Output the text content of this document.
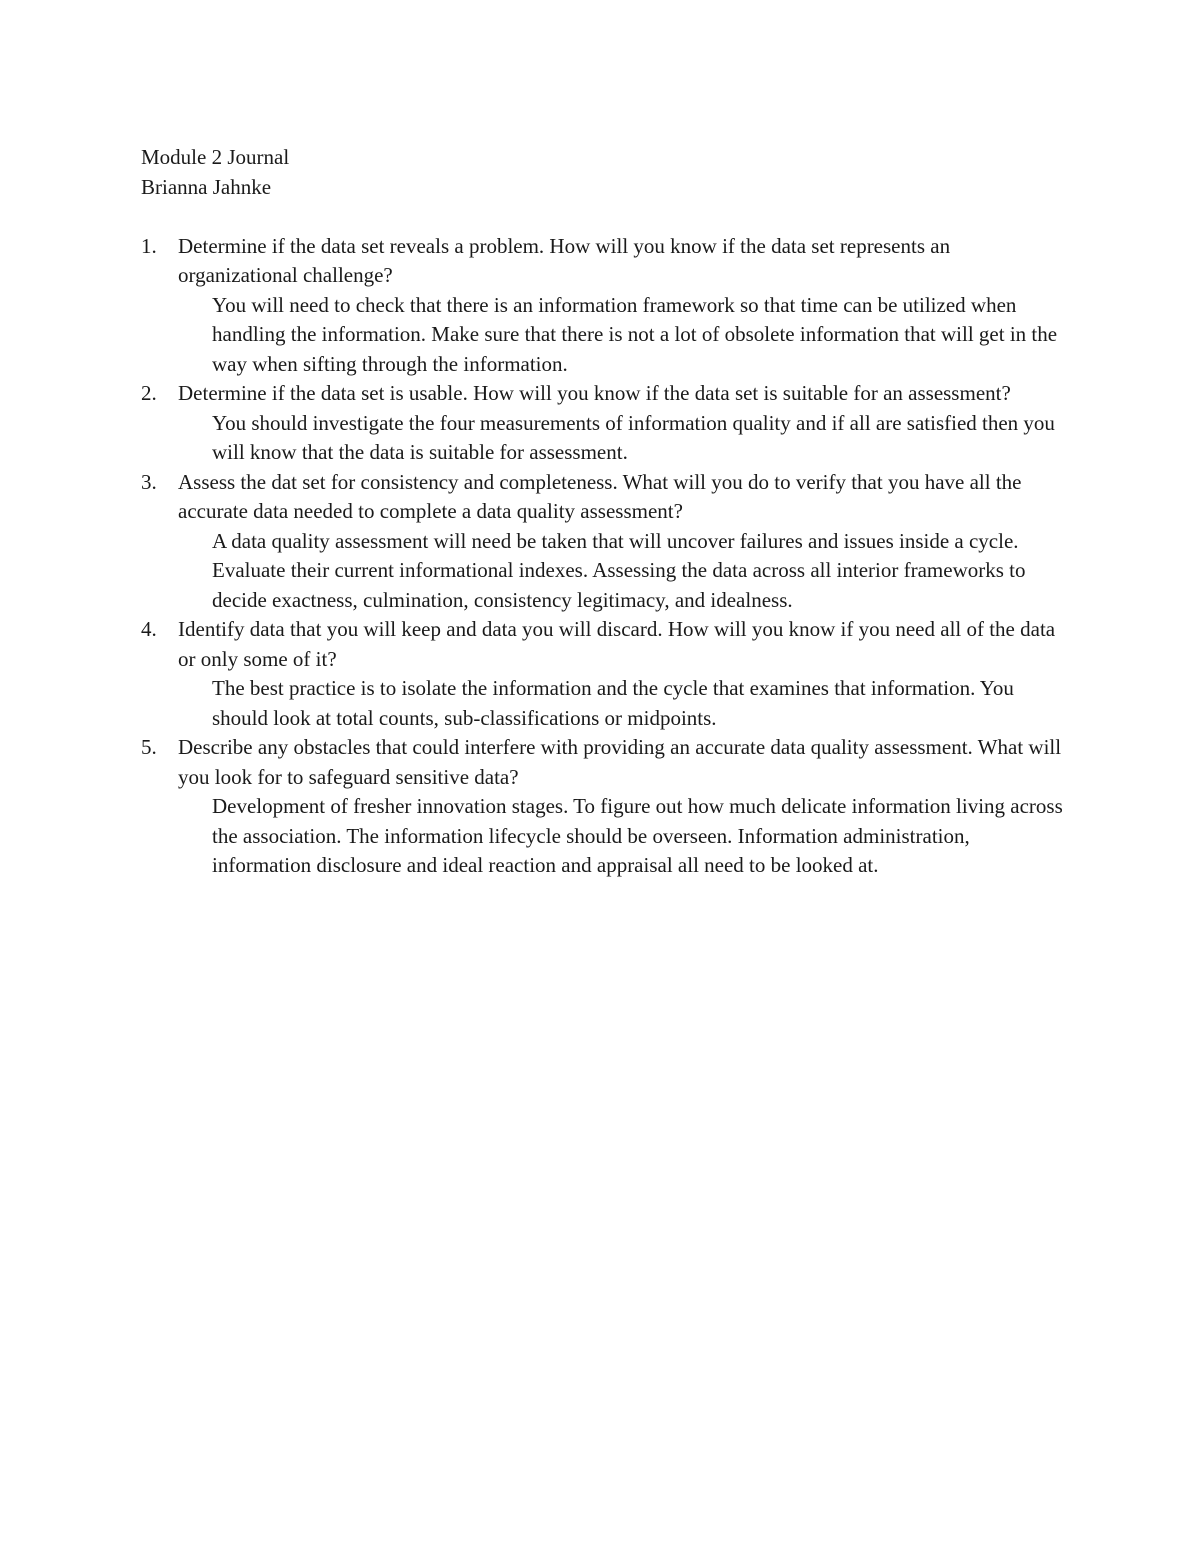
Module 2 Journal

Brianna Jahnke

1. Determine if the data set reveals a problem. How will you know if the data set represents an organizational challenge?
You will need to check that there is an information framework so that time can be utilized when handling the information. Make sure that there is not a lot of obsolete information that will get in the way when sifting through the information.
2. Determine if the data set is usable. How will you know if the data set is suitable for an assessment?
You should investigate the four measurements of information quality and if all are satisfied then you will know that the data is suitable for assessment.
3. Assess the dat set for consistency and completeness. What will you do to verify that you have all the accurate data needed to complete a data quality assessment?
A data quality assessment will need be taken that will uncover failures and issues inside a cycle. Evaluate their current informational indexes. Assessing the data across all interior frameworks to decide exactness, culmination, consistency legitimacy, and idealness.
4. Identify data that you will keep and data you will discard. How will you know if you need all of the data or only some of it?
The best practice is to isolate the information and the cycle that examines that information. You should look at total counts, sub-classifications or midpoints.
5. Describe any obstacles that could interfere with providing an accurate data quality assessment. What will you look for to safeguard sensitive data?
Development of fresher innovation stages. To figure out how much delicate information living across the association. The information lifecycle should be overseen. Information administration, information disclosure and ideal reaction and appraisal all need to be looked at.
